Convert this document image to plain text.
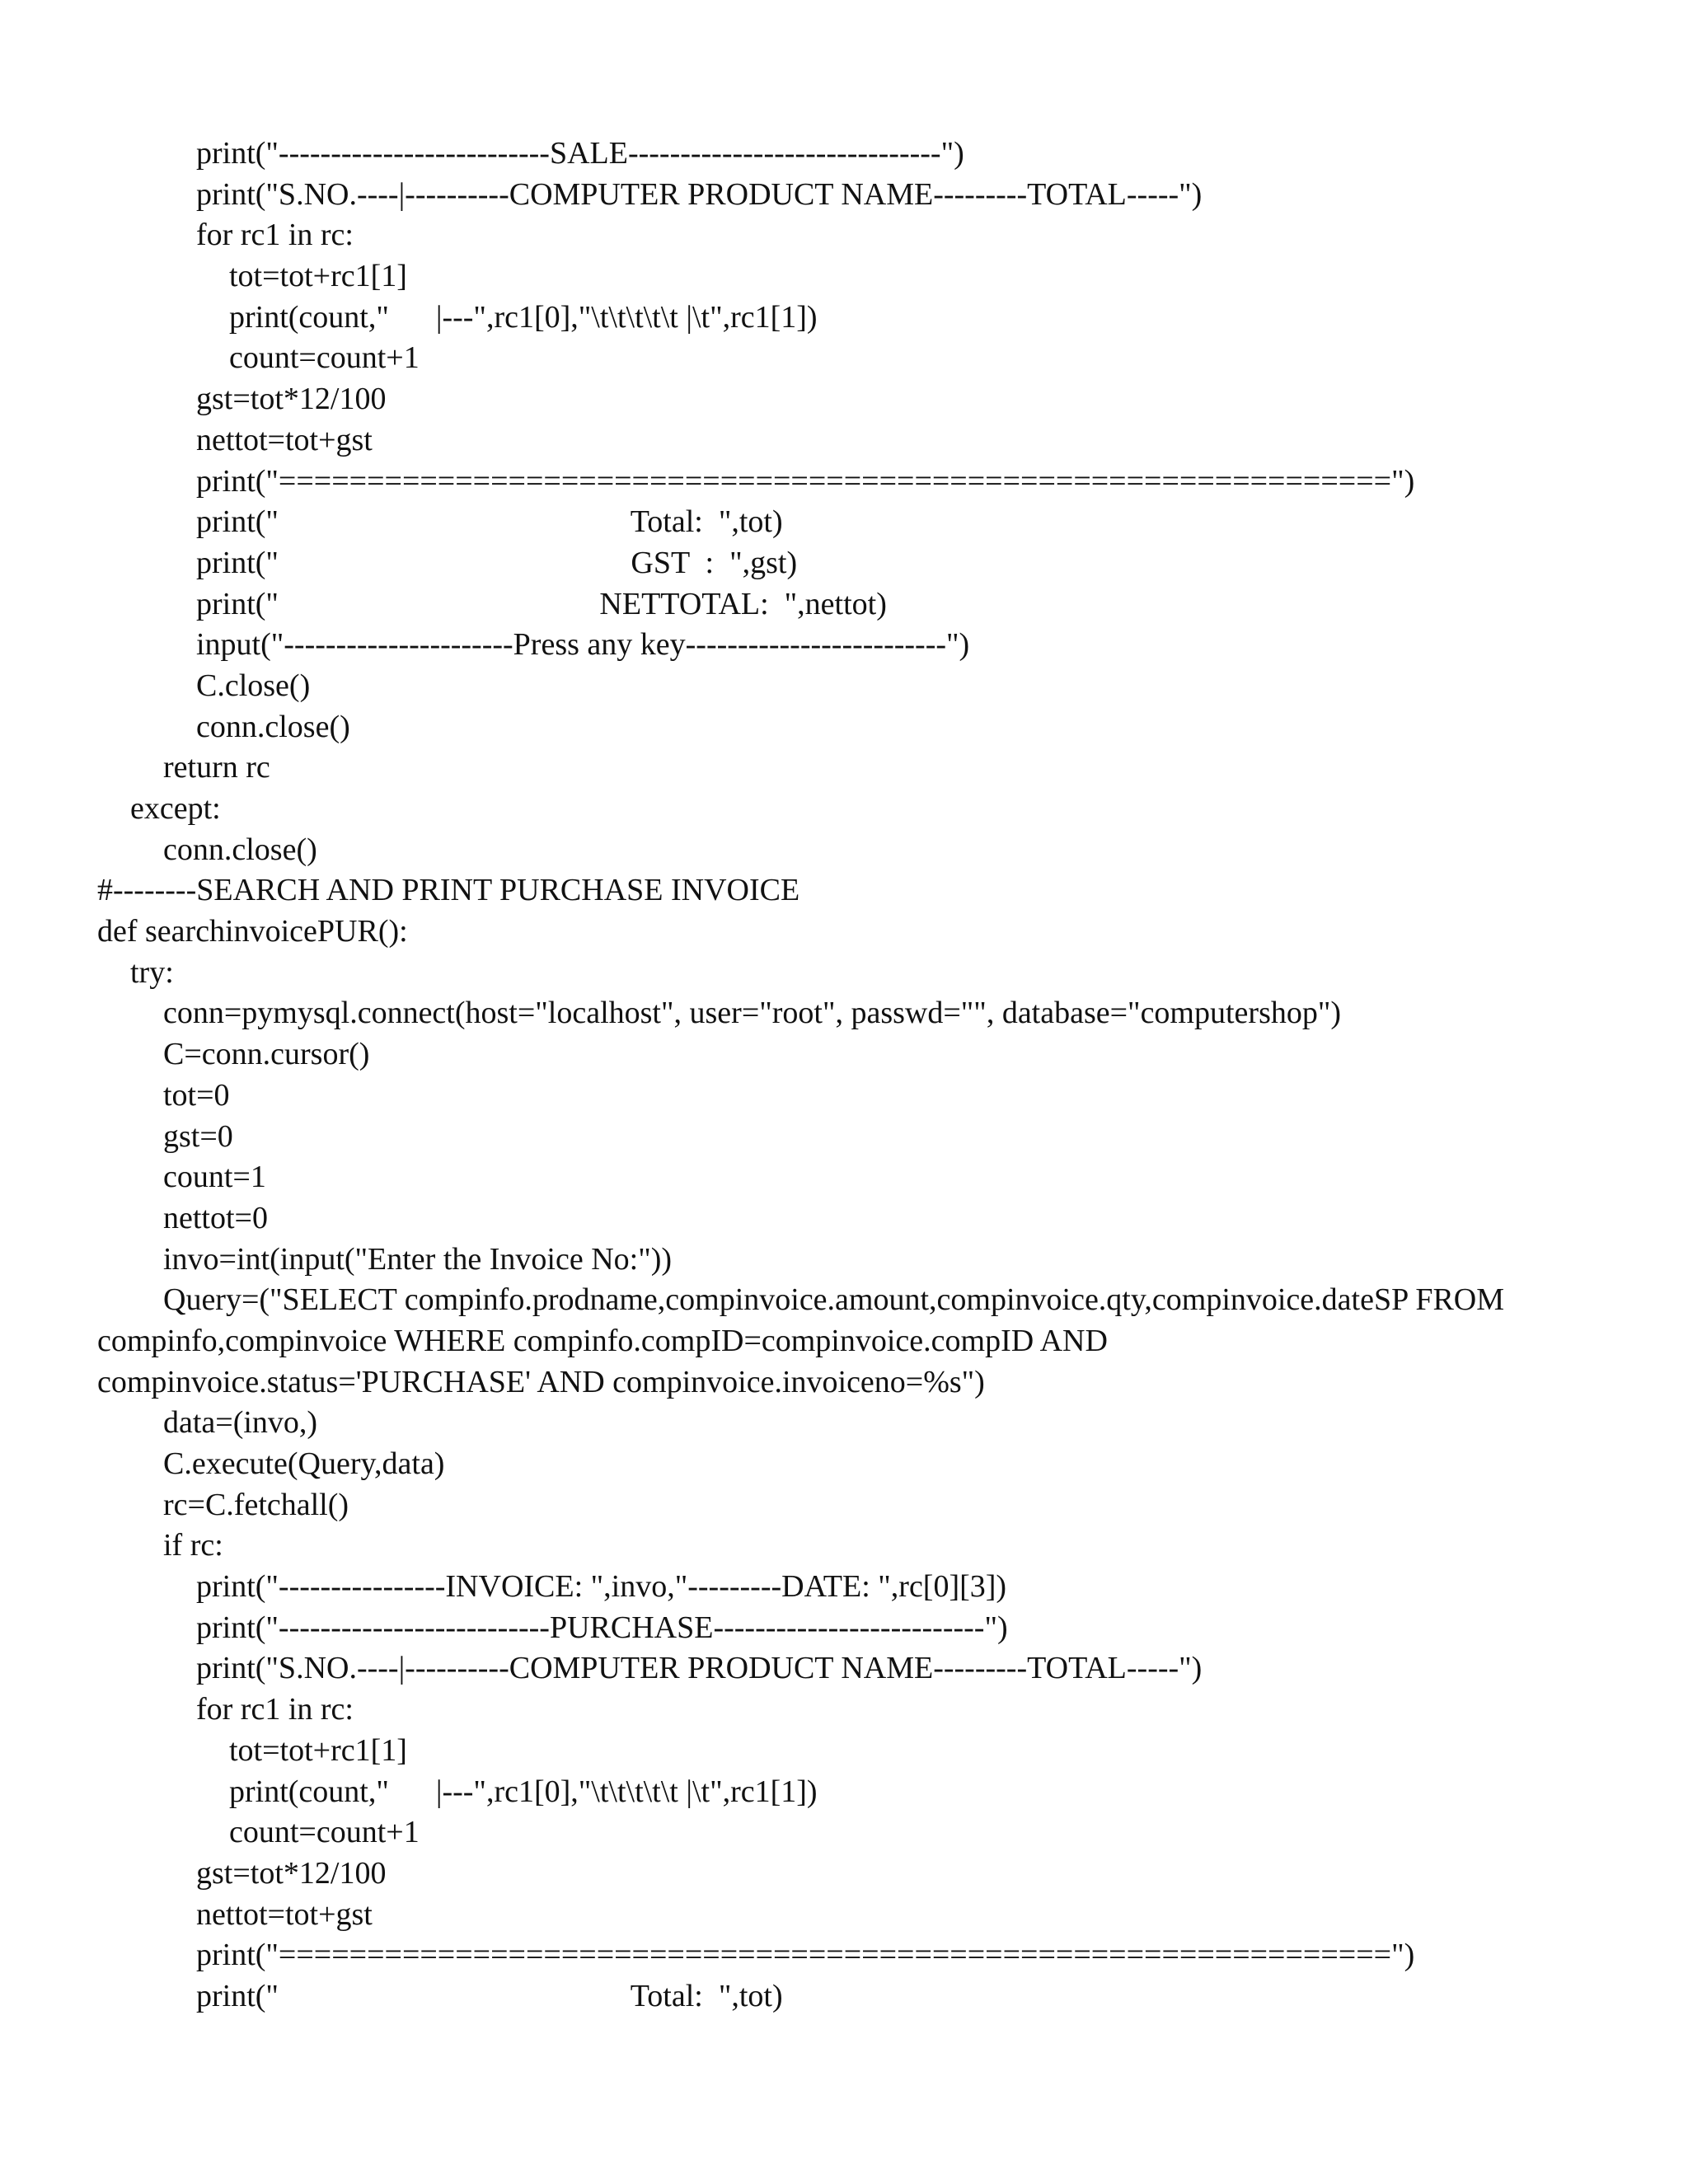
print("--------------------------SALE------------------------------")
print("S.NO.----|----------COMPUTER PRODUCT NAME---------TOTAL-----")
for rc1 in rc:
tot=tot+rc1[1]
print(count,"      |---",rc1[0],"\t\t\t\t\t |\t",rc1[1])
count=count+1
gst=tot*12/100
nettot=tot+gst
print("===============================================================")
print("                                             Total:  ",tot)
print("                                             GST  :  ",gst)
print("                                         NETTOTAL:  ",nettot)
input("----------------------Press any key-------------------------")
C.close()
conn.close()
return rc
except:
conn.close()
#--------SEARCH AND PRINT PURCHASE INVOICE
def searchinvoicePUR():
try:
conn=pymysql.connect(host="localhost", user="root", passwd="", database="computershop")
C=conn.cursor()
tot=0
gst=0
count=1
nettot=0
invo=int(input("Enter the Invoice No:"))
Query=("SELECT compinfo.prodname,compinvoice.amount,compinvoice.qty,compinvoice.dateSP FROM
compinfo,compinvoice WHERE compinfo.compID=compinvoice.compID AND
compinvoice.status='PURCHASE' AND compinvoice.invoiceno=%s")
data=(invo,)
C.execute(Query,data)
rc=C.fetchall()
if rc:
print("----------------INVOICE: ",invo,"---------DATE: ",rc[0][3])
print("--------------------------PURCHASE--------------------------")
print("S.NO.----|----------COMPUTER PRODUCT NAME---------TOTAL-----")
for rc1 in rc:
tot=tot+rc1[1]
print(count,"      |---",rc1[0],"\t\t\t\t\t |\t",rc1[1])
count=count+1
gst=tot*12/100
nettot=tot+gst
print("===============================================================")
print("                                             Total:  ",tot)
